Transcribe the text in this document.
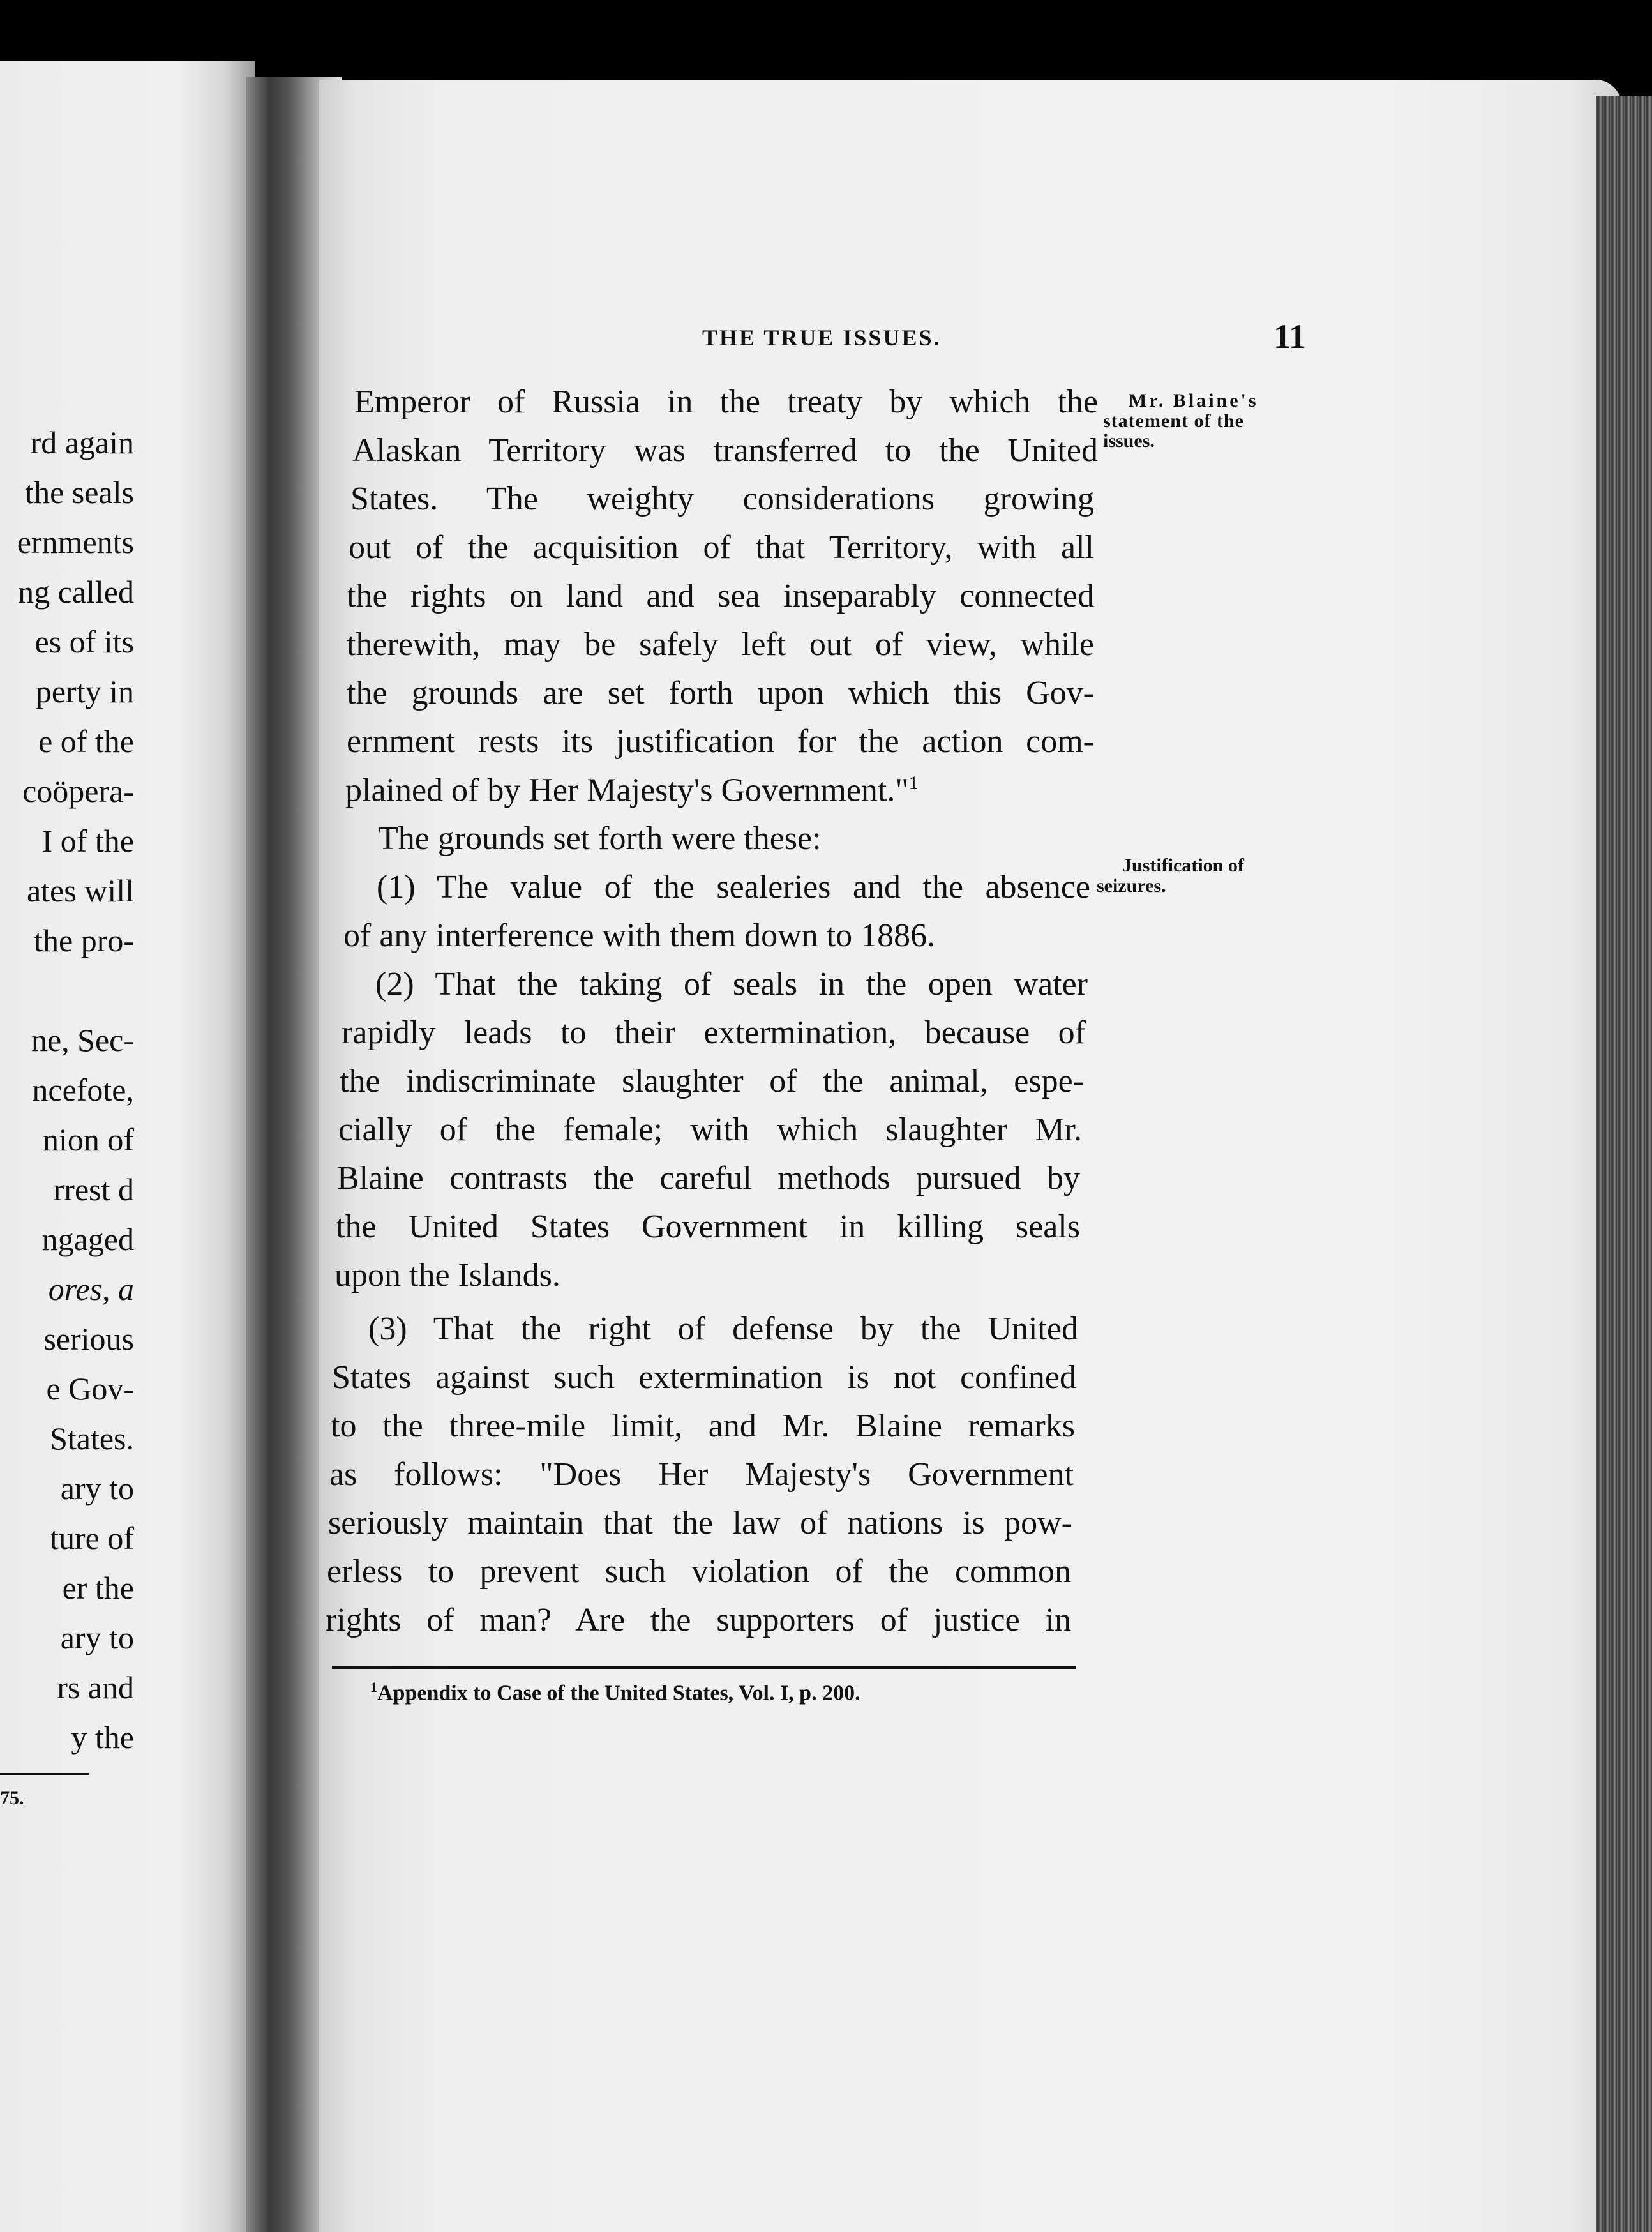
rd again
the seals
ernments
ng called
es of its
perty in
e of the
coöpera-
I of the
ates will
the pro-
ne, Sec-
ncefote,
nion of
rrest d
ngaged
ores, a
serious
e Gov-
States.
ary to
ture of
er the
ary to
rs and
y the
75.
THE TRUE ISSUES.	11
Emperor of Russia in the treaty by which the
Alaskan Territory was transferred to the United
States. The weighty considerations growing
out of the acquisition of that Territory, with all
the rights on land and sea inseparably connected
therewith, may be safely left out of view, while
the grounds are set forth upon which this Gov-
ernment rests its justification for the action com-
plained of by Her Majesty's Government."$^1$
The grounds set forth were these:
(1) The value of the sealeries and the absence
of any interference with them down to 1886.
(2) That the taking of seals in the open water
rapidly leads to their extermination, because of
the indiscriminate slaughter of the animal, espe-
cially of the female; with which slaughter Mr.
Blaine contrasts the careful methods pursued by
the United States Government in killing seals
upon the Islands.
(3) That the right of defense by the United
States against such extermination is not confined
to the three-mile limit, and Mr. Blaine remarks
as follows: "Does Her Majesty's Government
seriously maintain that the law of nations is pow-
erless to prevent such violation of the common
rights of man? Are the supporters of justice in
Mr. Blaine's
statement of the
issues.
Justification of
seizures.
$^1$Appendix to Case of the United States, Vol. I, p. 200.
